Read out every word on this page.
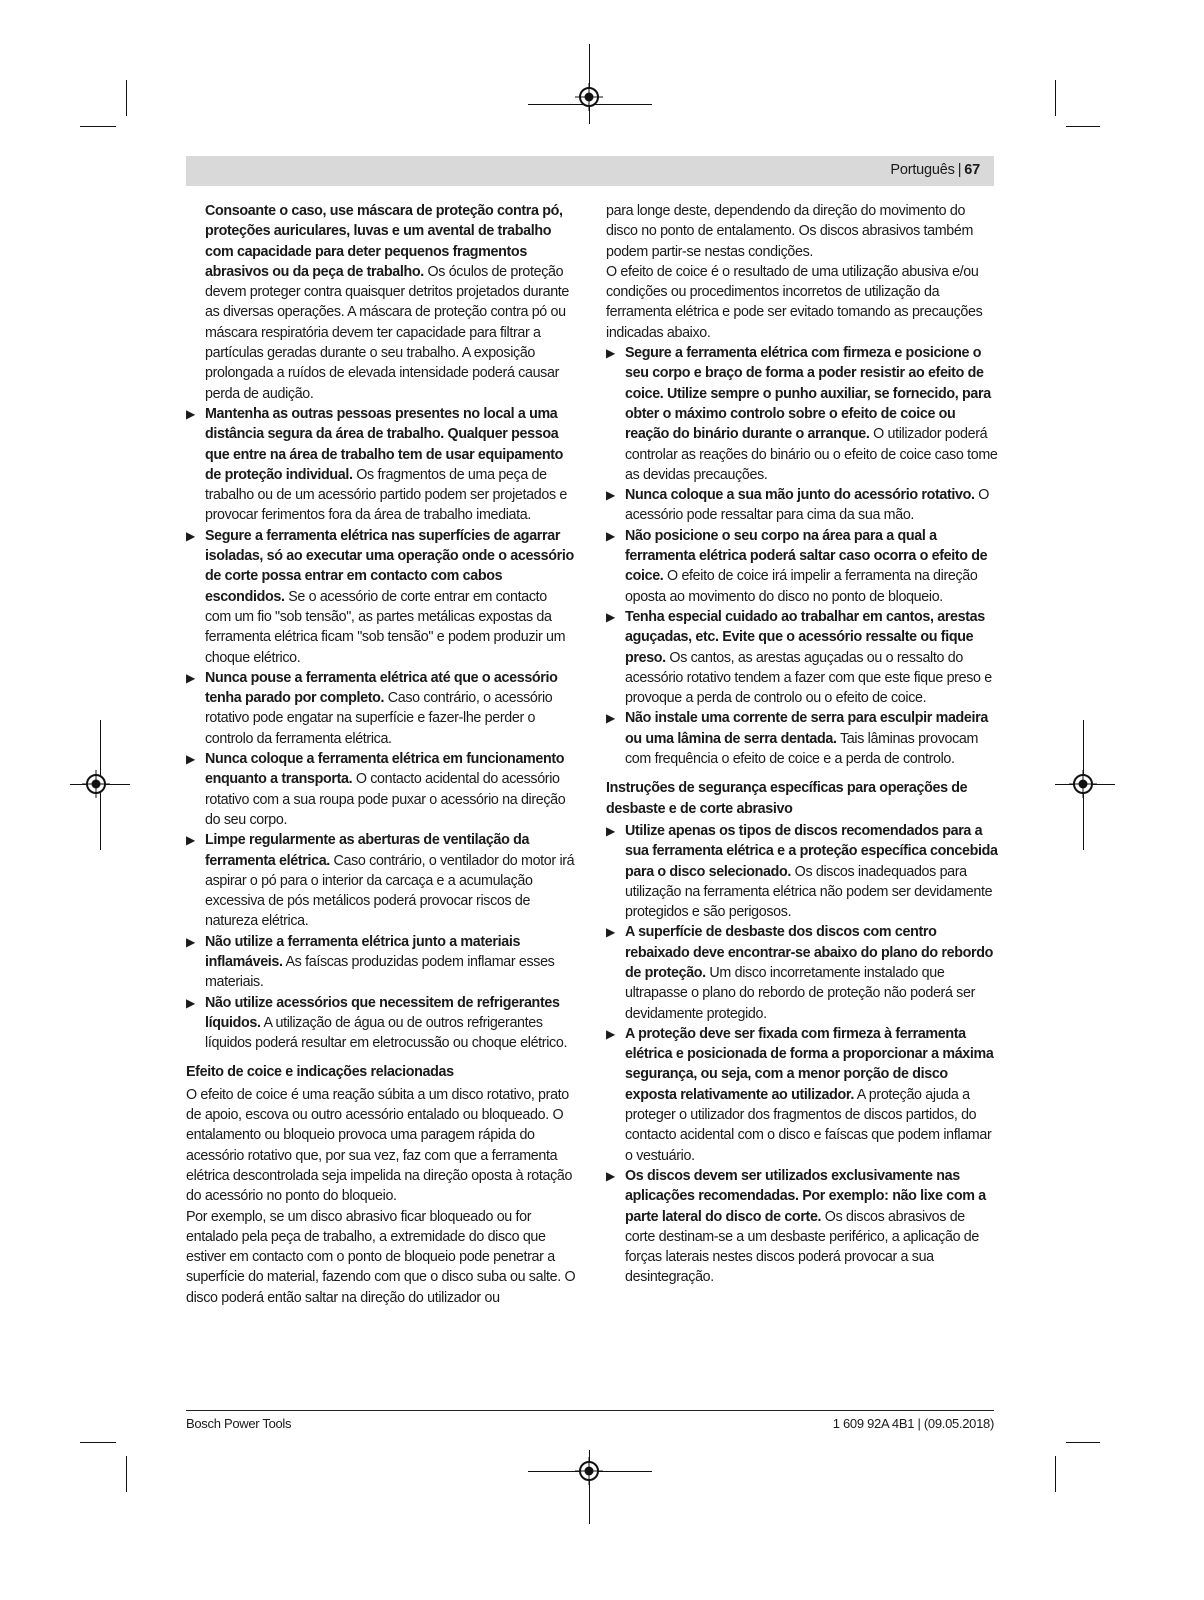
Português | 67

Consoante o caso, use máscara de proteção contra pó, proteções auriculares, luvas e um avental de trabalho com capacidade para deter pequenos fragmentos abrasivos ou da peça de trabalho. Os óculos de proteção devem proteger contra quaisquer detritos projetados durante as diversas operações. A máscara de proteção contra pó ou máscara respiratória devem ter capacidade para filtrar a partículas geradas durante o seu trabalho. A exposição prolongada a ruídos de elevada intensidade poderá causar perda de audição.

▶ Mantenha as outras pessoas presentes no local a uma distância segura da área de trabalho. Qualquer pessoa que entre na área de trabalho tem de usar equipamento de proteção individual. Os fragmentos de uma peça de trabalho ou de um acessório partido podem ser projetados e provocar ferimentos fora da área de trabalho imediata.

▶ Segure a ferramenta elétrica nas superfícies de agarrar isoladas, só ao executar uma operação onde o acessório de corte possa entrar em contacto com cabos escondidos. Se o acessório de corte entrar em contacto com um fio "sob tensão", as partes metálicas expostas da ferramenta elétrica ficam "sob tensão" e podem produzir um choque elétrico.

▶ Nunca pouse a ferramenta elétrica até que o acessório tenha parado por completo. Caso contrário, o acessório rotativo pode engatar na superfície e fazer-lhe perder o controlo da ferramenta elétrica.

▶ Nunca coloque a ferramenta elétrica em funcionamento enquanto a transporta. O contacto acidental do acessório rotativo com a sua roupa pode puxar o acessório na direção do seu corpo.

▶ Limpe regularmente as aberturas de ventilação da ferramenta elétrica. Caso contrário, o ventilador do motor irá aspirar o pó para o interior da carcaça e a acumulação excessiva de pós metálicos poderá provocar riscos de natureza elétrica.

▶ Não utilize a ferramenta elétrica junto a materiais inflamáveis. As faíscas produzidas podem inflamar esses materiais.

▶ Não utilize acessórios que necessitem de refrigerantes líquidos. A utilização de água ou de outros refrigerantes líquidos poderá resultar em eletrocussão ou choque elétrico.

Efeito de coice e indicações relacionadas

O efeito de coice é uma reação súbita a um disco rotativo, prato de apoio, escova ou outro acessório entalado ou bloqueado. O entalamento ou bloqueio provoca uma paragem rápida do acessório rotativo que, por sua vez, faz com que a ferramenta elétrica descontrolada seja impelida na direção oposta à rotação do acessório no ponto do bloqueio.

Por exemplo, se um disco abrasivo ficar bloqueado ou for entalado pela peça de trabalho, a extremidade do disco que estiver em contacto com o ponto de bloqueio pode penetrar a superfície do material, fazendo com que o disco suba ou salte. O disco poderá então saltar na direção do utilizador ou

para longe deste, dependendo da direção do movimento do disco no ponto de entalamento. Os discos abrasivos também podem partir-se nestas condições.

O efeito de coice é o resultado de uma utilização abusiva e/ou condições ou procedimentos incorretos de utilização da ferramenta elétrica e pode ser evitado tomando as precauções indicadas abaixo.

▶ Segure a ferramenta elétrica com firmeza e posicione o seu corpo e braço de forma a poder resistir ao efeito de coice. Utilize sempre o punho auxiliar, se fornecido, para obter o máximo controlo sobre o efeito de coice ou reação do binário durante o arranque. O utilizador poderá controlar as reações do binário ou o efeito de coice caso tome as devidas precauções.

▶ Nunca coloque a sua mão junto do acessório rotativo. O acessório pode ressaltar para cima da sua mão.

▶ Não posicione o seu corpo na área para a qual a ferramenta elétrica poderá saltar caso ocorra o efeito de coice. O efeito de coice irá impelir a ferramenta na direção oposta ao movimento do disco no ponto de bloqueio.

▶ Tenha especial cuidado ao trabalhar em cantos, arestas aguçadas, etc. Evite que o acessório ressalte ou fique preso. Os cantos, as arestas aguçadas ou o ressalto do acessório rotativo tendem a fazer com que este fique preso e provoque a perda de controlo ou o efeito de coice.

▶ Não instale uma corrente de serra para esculpir madeira ou uma lâmina de serra dentada. Tais lâminas provocam com frequência o efeito de coice e a perda de controlo.

Instruções de segurança específicas para operações de desbaste e de corte abrasivo

▶ Utilize apenas os tipos de discos recomendados para a sua ferramenta elétrica e a proteção específica concebida para o disco selecionado. Os discos inadequados para utilização na ferramenta elétrica não podem ser devidamente protegidos e são perigosos.

▶ A superfície de desbaste dos discos com centro rebaixado deve encontrar-se abaixo do plano do rebordo de proteção. Um disco incorretamente instalado que ultrapasse o plano do rebordo de proteção não poderá ser devidamente protegido.

▶ A proteção deve ser fixada com firmeza à ferramenta elétrica e posicionada de forma a proporcionar a máxima segurança, ou seja, com a menor porção de disco exposta relativamente ao utilizador. A proteção ajuda a proteger o utilizador dos fragmentos de discos partidos, do contacto acidental com o disco e faíscas que podem inflamar o vestuário.

▶ Os discos devem ser utilizados exclusivamente nas aplicações recomendadas. Por exemplo: não lixe com a parte lateral do disco de corte. Os discos abrasivos de corte destinam-se a um desbaste periférico, a aplicação de forças laterais nestes discos poderá provocar a sua desintegração.

Bosch Power Tools	1 609 92A 4B1 | (09.05.2018)
